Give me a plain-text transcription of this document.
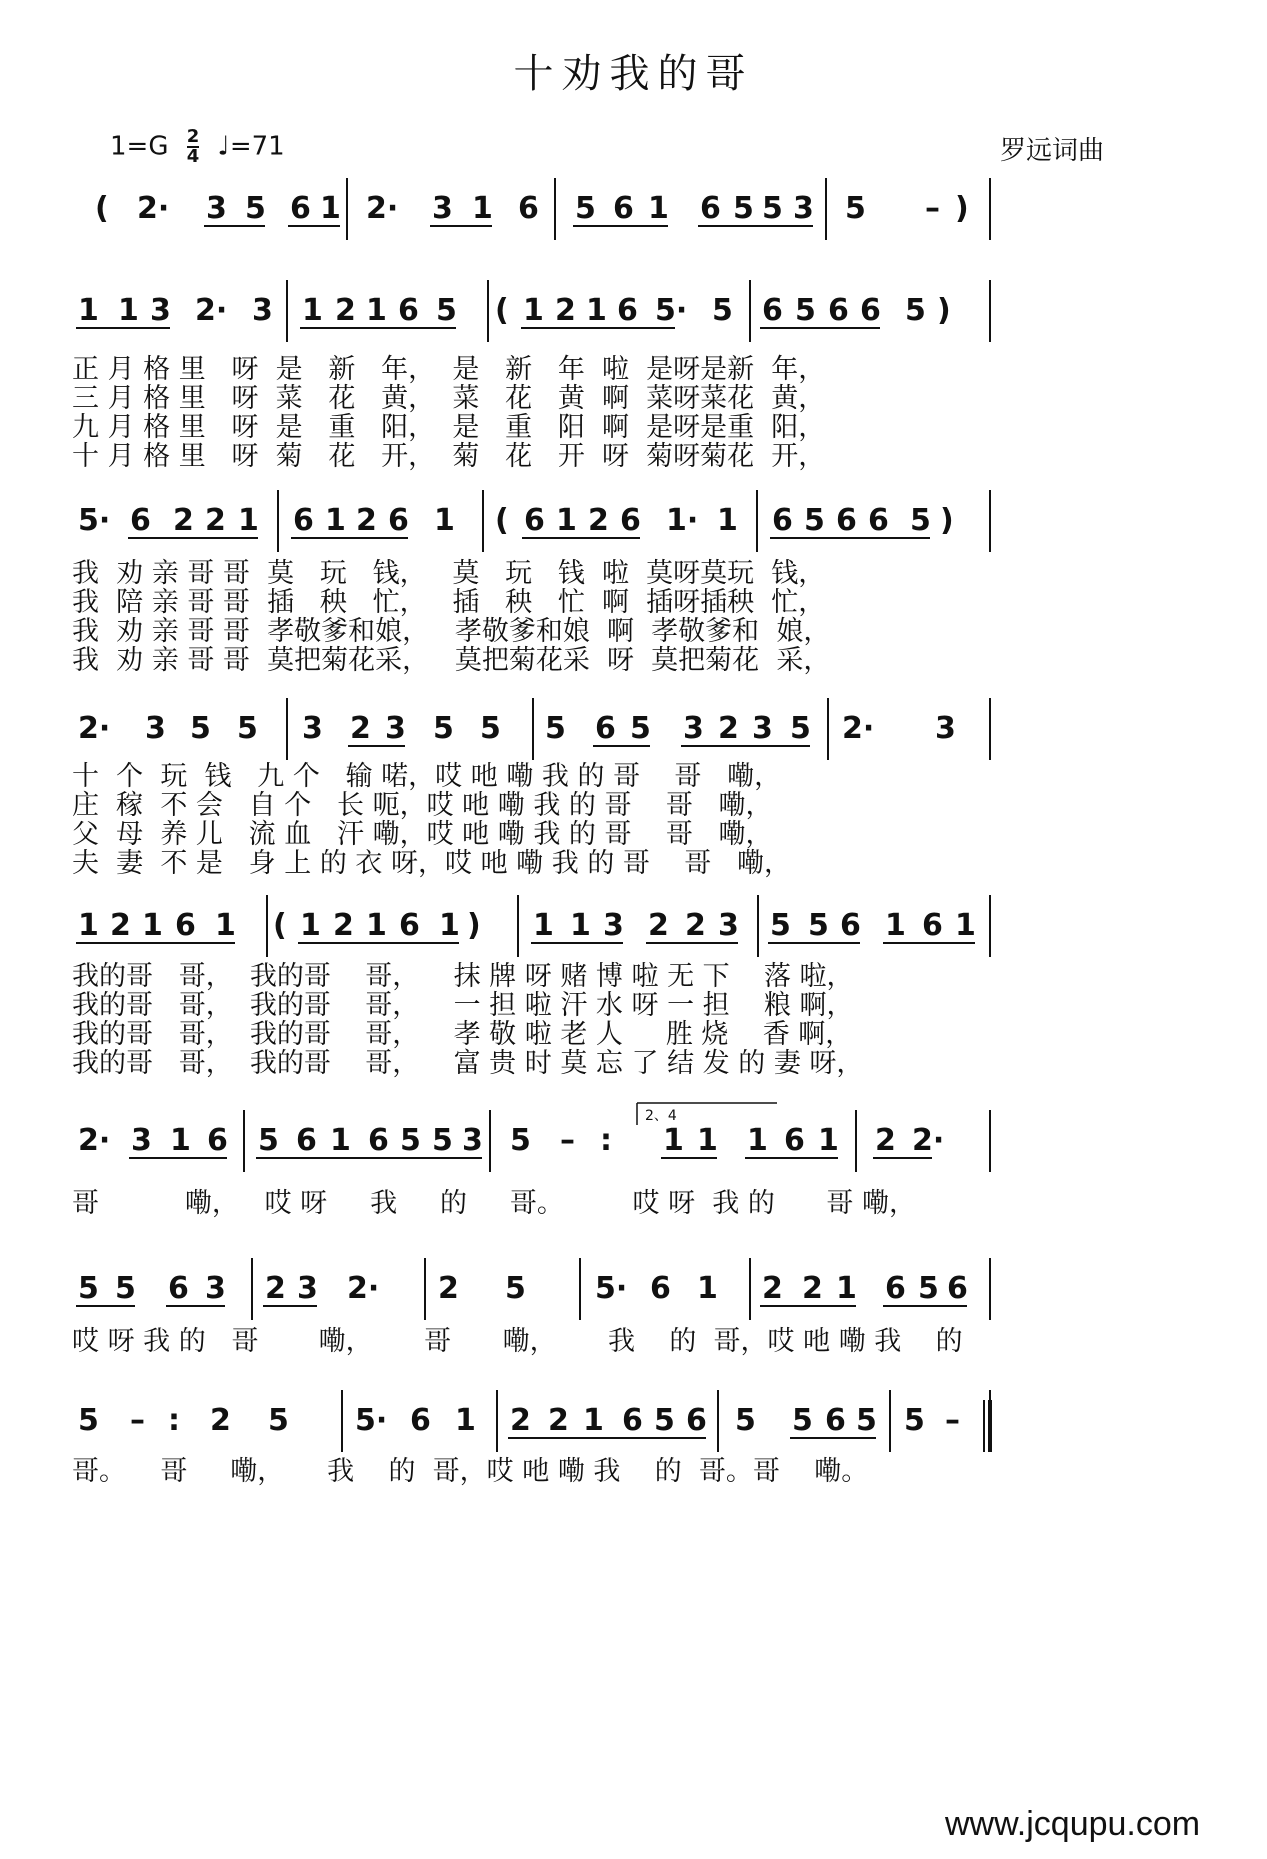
十劝我的哥
$1=G \frac{2}{4}$ ♩=71	罗远词曲
( 2· 3 5 6 1 2· 3 1 6 5 6 1 6 5 5 3 5 – )
1 1 3 2· 3 1 2 1 6 5 ( 1 2 1 6 5· 5 6 5 6 6 5 )
正 月 格 里   呀  是   新   年，  是   新   年  啦  是呀是新  年，
三 月 格 里   呀  菜   花   黄，  菜   花   黄  啊  菜呀菜花  黄，
九 月 格 里   呀  是   重   阳，  是   重   阳  啊  是呀是重  阳，
十 月 格 里   呀  菊   花   开，  菊   花   开  呀  菊呀菊花  开，
5· 6 2 2 1 6 1 2 6 1 ( 6 1 2 6 1· 1 6 5 6 6 5 )
我  劝 亲 哥 哥  莫   玩   钱，   莫   玩   钱  啦  莫呀莫玩  钱，
我  陪 亲 哥 哥  插   秧   忙，   插   秧   忙  啊  插呀插秧  忙，
我  劝 亲 哥 哥  孝敬爹和娘，   孝敬爹和娘  啊  孝敬爹和  娘，
我  劝 亲 哥 哥  莫把菊花采，   莫把菊花采  呀  莫把菊花  采，
2· 3 5 5 3 2 3 5 5 5 6 5 3 2 3 5 2· 3
十  个  玩  钱   九 个   输 喏，哎 吔 嘞 我 的 哥    哥   嘞，
庄  稼  不 会   自 个   长 呃，哎 吔 嘞 我 的 哥    哥   嘞，
父  母  养 儿   流 血   汗 嘞，哎 吔 嘞 我 的 哥    哥   嘞，
夫  妻  不 是   身 上 的 衣 呀，哎 吔 嘞 我 的 哥    哥   嘞，
1 2 1 6 1 ( 1 2 1 6 1 ) 1 1 3 2 2 3 5 5 6 1 6 1
我的哥   哥，  我的哥    哥，    抹 牌 呀 赌 博 啦 无 下    落 啦，
我的哥   哥，  我的哥    哥，    一 担 啦 汗 水 呀 一 担    粮 啊，
我的哥   哥，  我的哥    哥，    孝 敬 啦 老 人     胜 烧    香 啊，
我的哥   哥，  我的哥    哥，    富 贵 时 莫 忘 了 结 发 的 妻 呀，
2· 3 1 6 5 6 1 6 5 5 3 5 – : 1 1 1 6 1 2 2·
哥          嘞，   哎 呀     我     的     哥。        哎 呀  我 的      哥 嘞，
5 5 6 3 2 3 2· 2 5 5· 6 1 2 2 1 6 5 6
哎 呀 我 的   哥       嘞，      哥      嘞，      我    的  哥，哎 吔 嘞 我    的
5 – : 2 5 5· 6 1 2 2 1 6 5 6 5 5 6 5 5 –
哥。    哥     嘞，     我    的  哥，哎 吔 嘞 我    的  哥。哥    嘞。
2、4
www.jcqupu.com
